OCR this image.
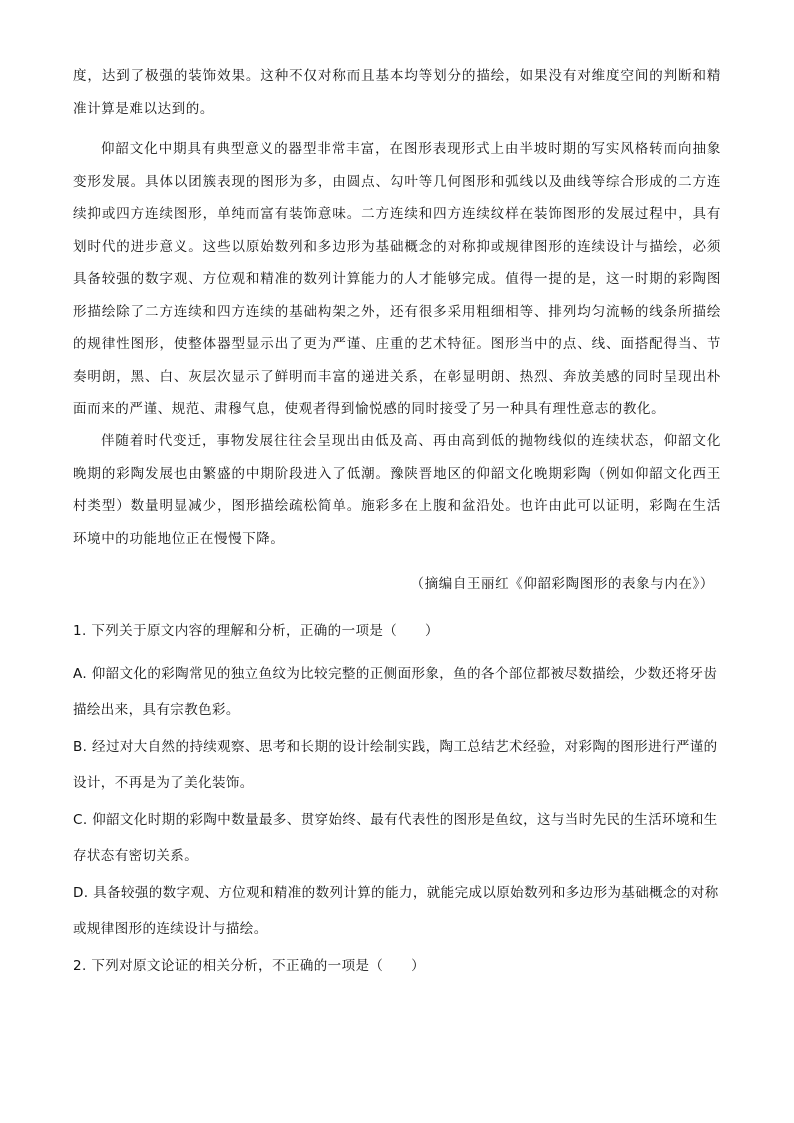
度，达到了极强的装饰效果。这种不仅对称而且基本均等划分的描绘，如果没有对维度空间的判断和精准计算是难以达到的。

仰韶文化中期具有典型意义的器型非常丰富，在图形表现形式上由半坡时期的写实风格转而向抽象变形发展。具体以团簇表现的图形为多，由圆点、勾叶等几何图形和弧线以及曲线等综合形成的二方连续抑或四方连续图形，单纯而富有装饰意味。二方连续和四方连续纹样在装饰图形的发展过程中，具有划时代的进步意义。这些以原始数列和多边形为基础概念的对称抑或规律图形的连续设计与描绘，必须具备较强的数字观、方位观和精准的数列计算能力的人才能够完成。值得一提的是，这一时期的彩陶图形描绘除了二方连续和四方连续的基础构架之外，还有很多采用粗细相等、排列均匀流畅的线条所描绘的规律性图形，使整体器型显示出了更为严谨、庄重的艺术特征。图形当中的点、线、面搭配得当、节奏明朗，黑、白、灰层次显示了鲜明而丰富的递进关系，在彰显明朗、热烈、奔放美感的同时呈现出朴面而来的严谨、规范、肃穆气息，使观者得到愉悦感的同时接受了另一种具有理性意志的教化。

伴随着时代变迁，事物发展往往会呈现出由低及高、再由高到低的抛物线似的连续状态，仰韶文化晚期的彩陶发展也由繁盛的中期阶段进入了低潮。豫陕晋地区的仰韶文化晚期彩陶（例如仰韶文化西王村类型）数量明显减少，图形描绘疏松简单。施彩多在上腹和盆沿处。也许由此可以证明，彩陶在生活环境中的功能地位正在慢慢下降。

（摘编自王丽红《仰韶彩陶图形的表象与内在》）

1. 下列关于原文内容的理解和分析，正确的一项是（　　）

A. 仰韶文化的彩陶常见的独立鱼纹为比较完整的正侧面形象，鱼的各个部位都被尽数描绘，少数还将牙齿描绘出来，具有宗教色彩。

B. 经过对大自然的持续观察、思考和长期的设计绘制实践，陶工总结艺术经验，对彩陶的图形进行严谨的设计，不再是为了美化装饰。

C. 仰韶文化时期的彩陶中数量最多、贯穿始终、最有代表性的图形是鱼纹，这与当时先民的生活环境和生存状态有密切关系。

D. 具备较强的数字观、方位观和精准的数列计算的能力，就能完成以原始数列和多边形为基础概念的对称或规律图形的连续设计与描绘。

2. 下列对原文论证的相关分析，不正确的一项是（　　）
